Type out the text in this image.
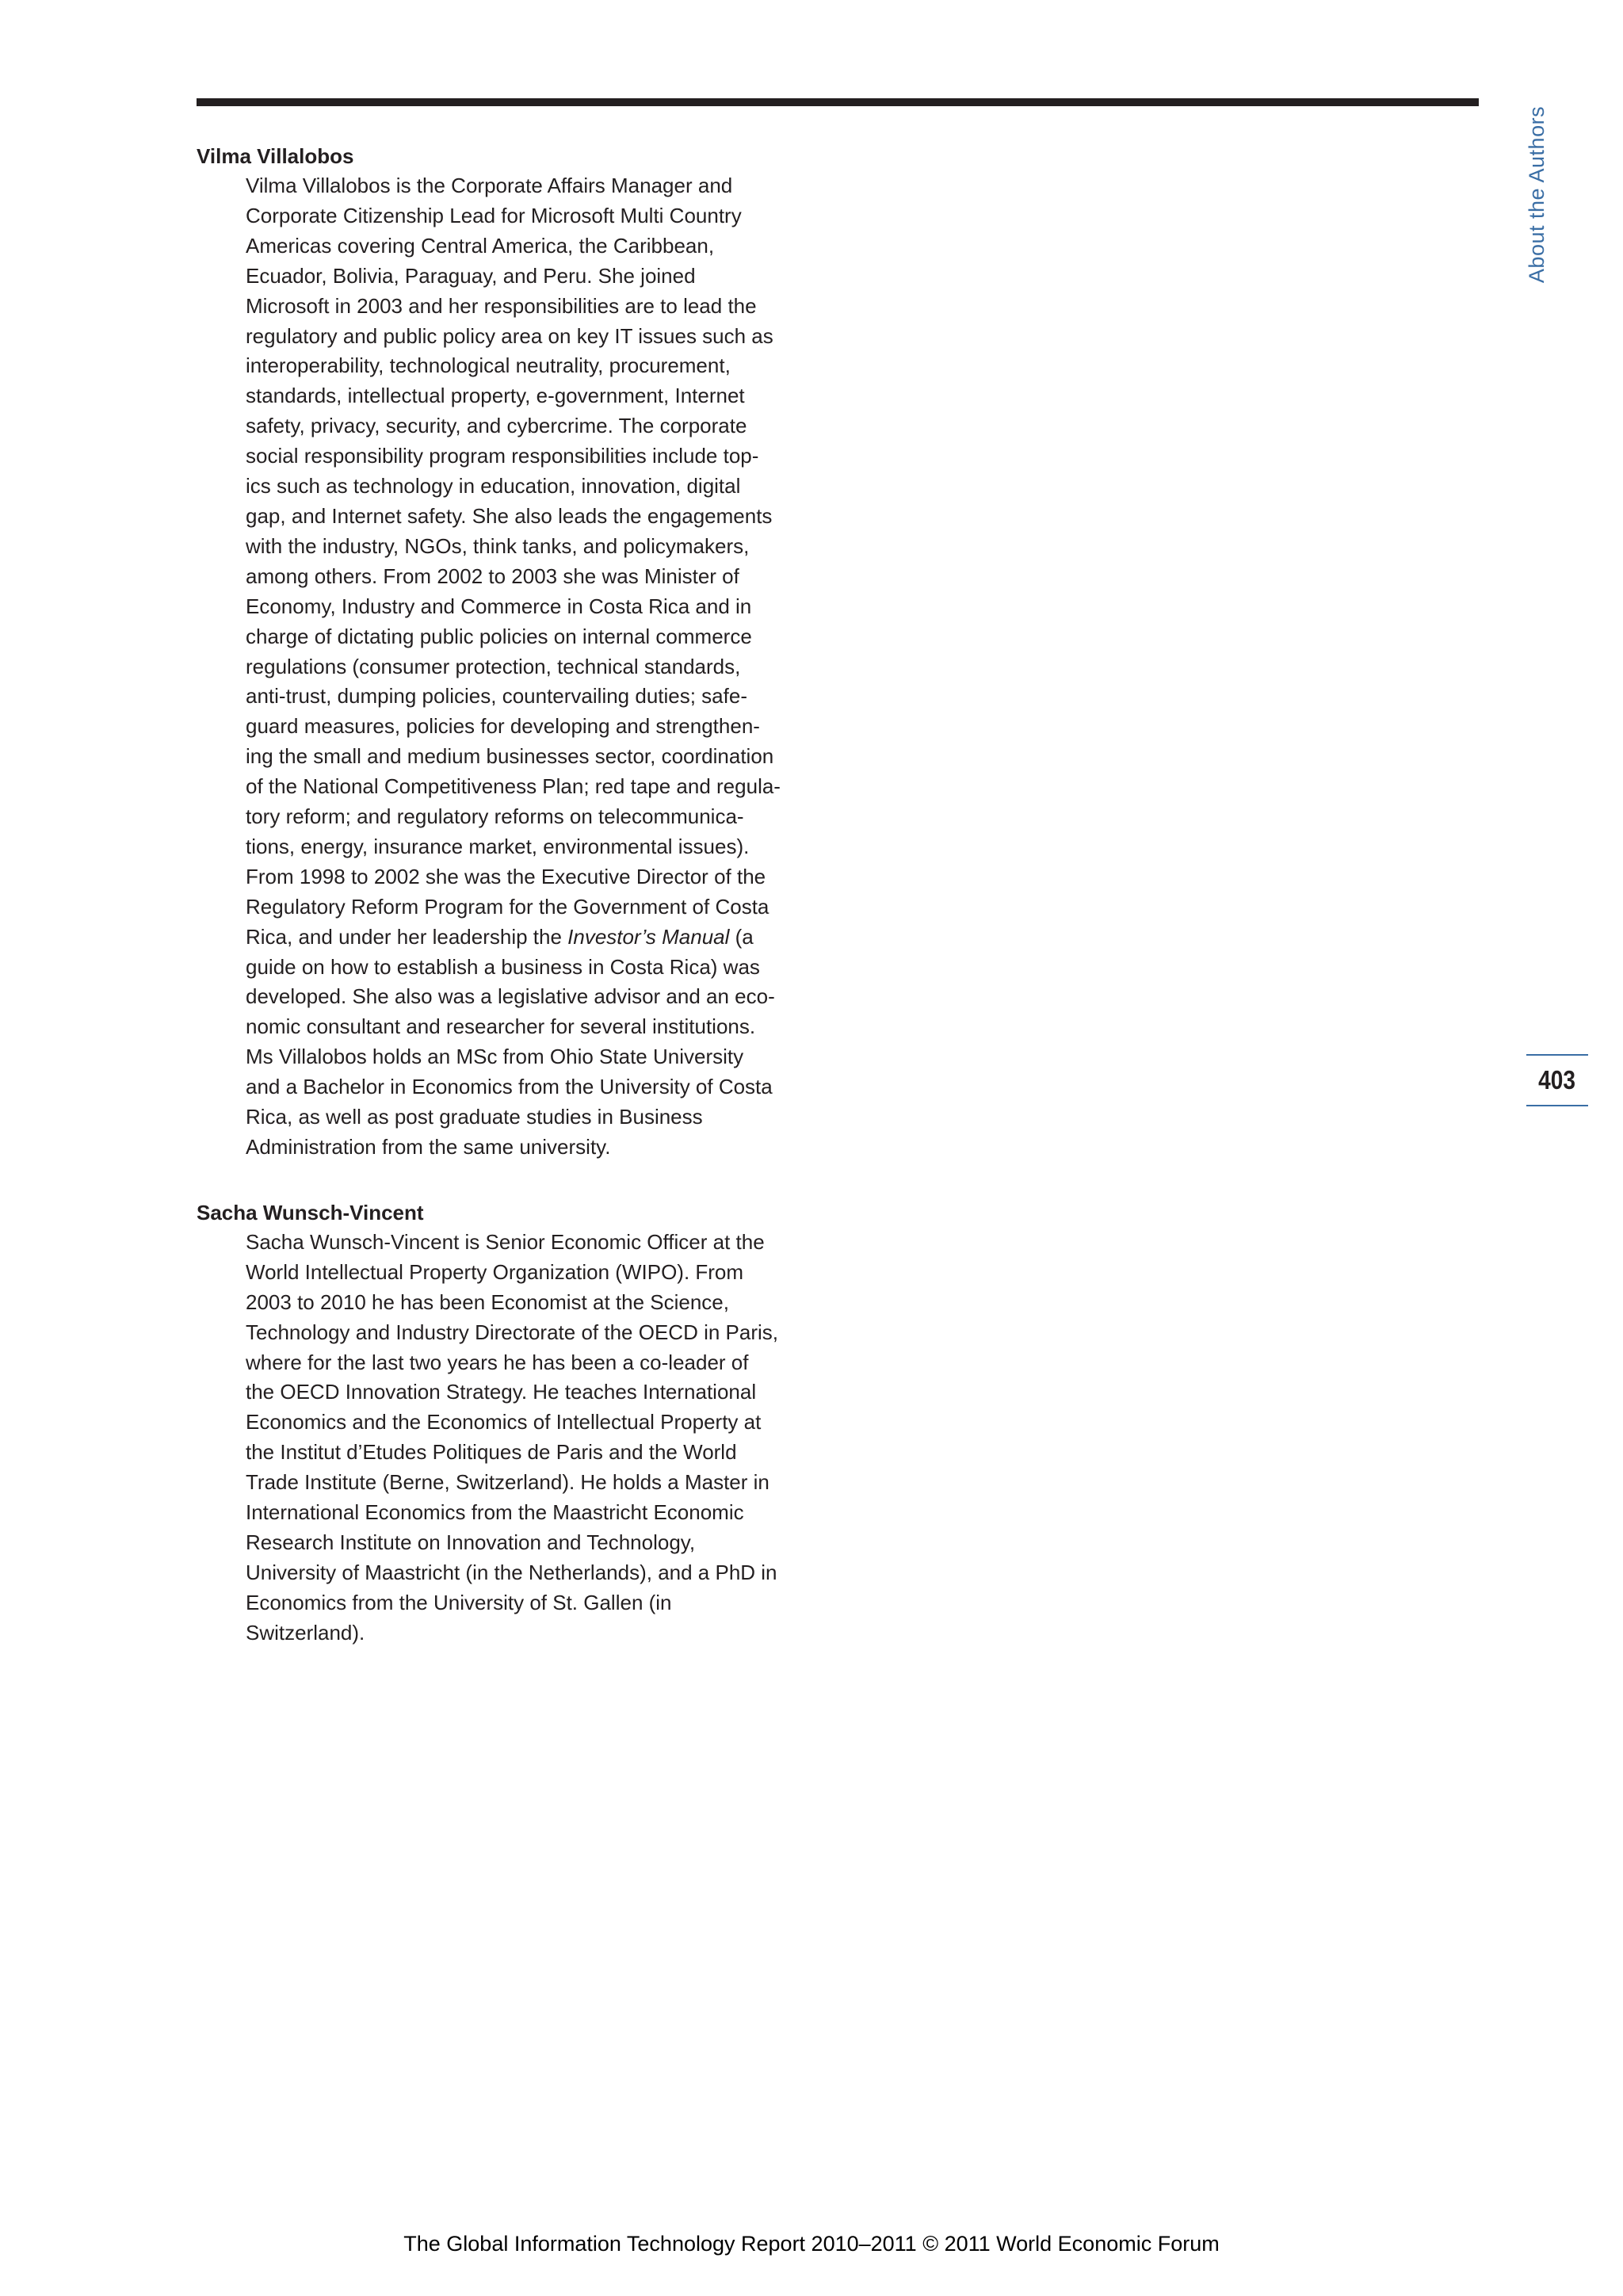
About the Authors
403

Vilma Villalobos

Vilma Villalobos is the Corporate Affairs Manager and
Corporate Citizenship Lead for Microsoft Multi Country
Americas covering Central America, the Caribbean,
Ecuador, Bolivia, Paraguay, and Peru. She joined
Microsoft in 2003 and her responsibilities are to lead the
regulatory and public policy area on key IT issues such as
interoperability, technological neutrality, procurement,
standards, intellectual property, e-government, Internet
safety, privacy, security, and cybercrime. The corporate
social responsibility program responsibilities include top-
ics such as technology in education, innovation, digital
gap, and Internet safety. She also leads the engagements
with the industry, NGOs, think tanks, and policymakers,
among others. From 2002 to 2003 she was Minister of
Economy, Industry and Commerce in Costa Rica and in
charge of dictating public policies on internal commerce
regulations (consumer protection, technical standards,
anti-trust, dumping policies, countervailing duties; safe-
guard measures, policies for developing and strengthen-
ing the small and medium businesses sector, coordination
of the National Competitiveness Plan; red tape and regula-
tory reform; and regulatory reforms on telecommunica-
tions, energy, insurance market, environmental issues).
From 1998 to 2002 she was the Executive Director of the
Regulatory Reform Program for the Government of Costa
Rica, and under her leadership the Investor’s Manual (a
guide on how to establish a business in Costa Rica) was
developed. She also was a legislative advisor and an eco-
nomic consultant and researcher for several institutions.
Ms Villalobos holds an MSc from Ohio State University
and a Bachelor in Economics from the University of Costa
Rica, as well as post graduate studies in Business
Administration from the same university.

Sacha Wunsch-Vincent

Sacha Wunsch-Vincent is Senior Economic Officer at the
World Intellectual Property Organization (WIPO). From
2003 to 2010 he has been Economist at the Science,
Technology and Industry Directorate of the OECD in Paris,
where for the last two years he has been a co-leader of
the OECD Innovation Strategy. He teaches International
Economics and the Economics of Intellectual Property at
the Institut d’Etudes Politiques de Paris and the World
Trade Institute (Berne, Switzerland). He holds a Master in
International Economics from the Maastricht Economic
Research Institute on Innovation and Technology,
University of Maastricht (in the Netherlands), and a PhD in
Economics from the University of St. Gallen (in
Switzerland).

The Global Information Technology Report 2010–2011 © 2011 World Economic Forum
